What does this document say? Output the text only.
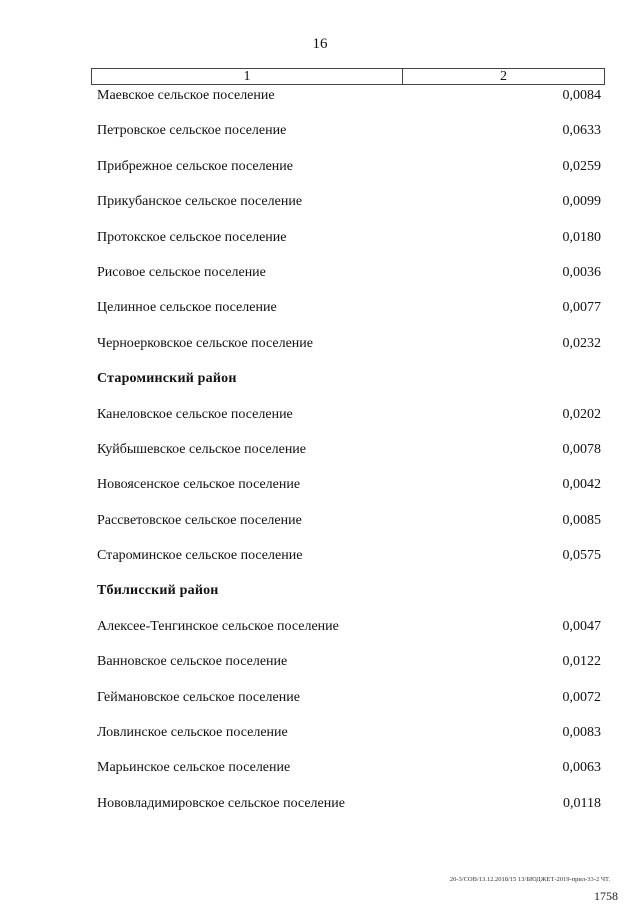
16
1	2
Маевское сельское поселение	0,0084
Петровское сельское поселение	0,0633
Прибрежное сельское поселение	0,0259
Прикубанское сельское поселение	0,0099
Протокское сельское поселение	0,0180
Рисовое сельское поселение	0,0036
Целинное сельское поселение	0,0077
Черноерковское сельское поселение	0,0232
Староминский район
Канеловское сельское поселение	0,0202
Куйбышевское сельское поселение	0,0078
Новоясенское сельское поселение	0,0042
Рассветовское сельское поселение	0,0085
Староминское сельское поселение	0,0575
Тбилисский район
Алексее-Тенгинское сельское поселение	0,0047
Ванновское сельское поселение	0,0122
Геймановское сельское поселение	0,0072
Ловлинское сельское поселение	0,0083
Марьинское сельское поселение	0,0063
Нововладимировское сельское поселение	0,0118
20-3/СОВ/13.12.2018/15 13/БЮДЖЕТ-2019-прил-33-2 ЧТ.
1758
